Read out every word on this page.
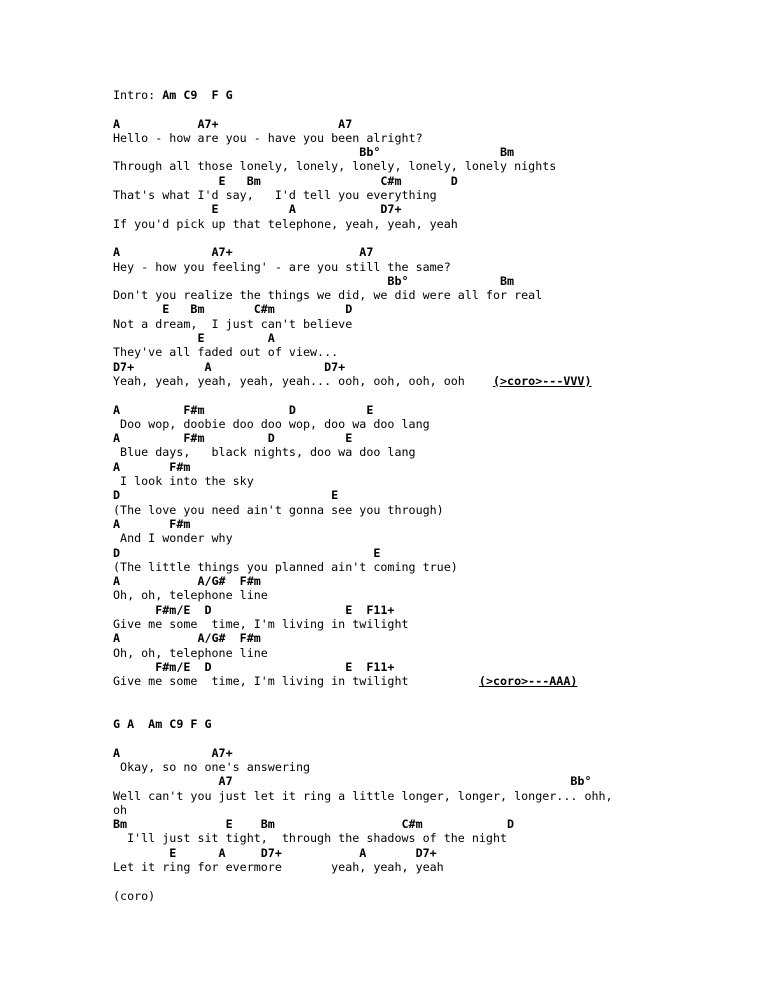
Intro: Am C9  F G
A           A7+                 A7
Hello - how are you - have you been alright?
Bb°                 Bm
Through all those lonely, lonely, lonely, lonely, lonely nights
E   Bm                 C#m       D
That's what I'd say,   I'd tell you everything
E          A            D7+
If you'd pick up that telephone, yeah, yeah, yeah
A             A7+                  A7
Hey - how you feeling' - are you still the same?
Bb°             Bm
Don't you realize the things we did, we did were all for real
E   Bm       C#m          D
Not a dream,  I just can't believe
E         A
They've all faded out of view...
D7+          A                D7+
Yeah, yeah, yeah, yeah, yeah... ooh, ooh, ooh, ooh    (>coro>---VVV)
A         F#m            D          E
Doo wop, doobie doo doo wop, doo wa doo lang
A         F#m         D          E
Blue days,   black nights, doo wa doo lang
A       F#m
I look into the sky
D                              E
(The love you need ain't gonna see you through)
A       F#m
And I wonder why
D                                    E
(The little things you planned ain't coming true)
A           A/G#  F#m
Oh, oh, telephone line
F#m/E  D                   E  F11+
Give me some  time, I'm living in twilight
A           A/G#  F#m
Oh, oh, telephone line
F#m/E  D                   E  F11+
Give me some  time, I'm living in twilight          (>coro>---AAA)
G A  Am C9 F G
A             A7+
Okay, so no one's answering
A7                                                Bb°
Well can't you just let it ring a little longer, longer, longer... ohh,
oh
Bm              E    Bm                  C#m            D
I'll just sit tight,  through the shadows of the night
E      A     D7+           A       D7+
Let it ring for evermore       yeah, yeah, yeah
(coro)
